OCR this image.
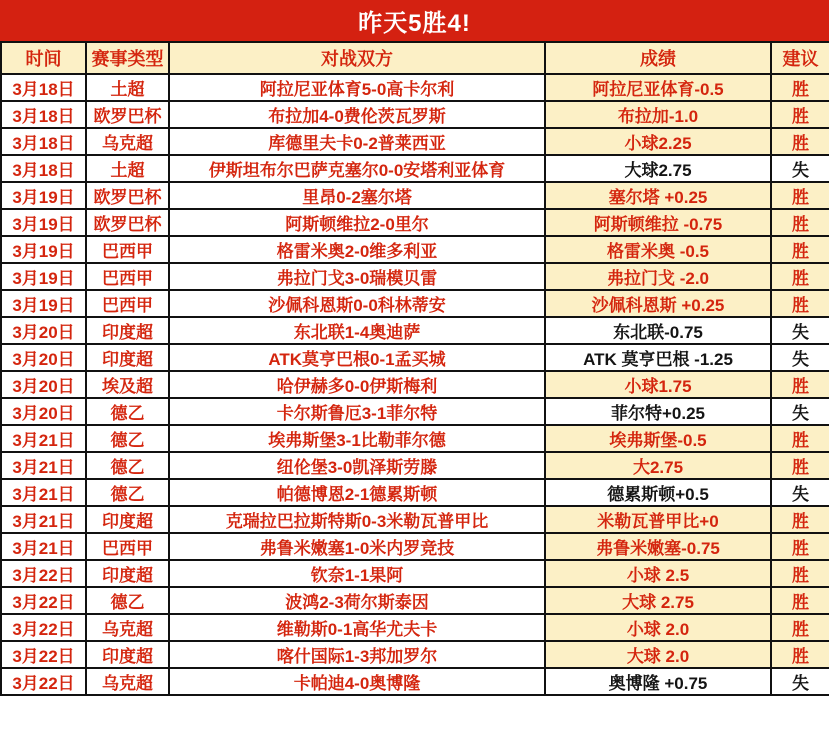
昨天5胜4!
时间	赛事类型	对战双方	成绩	建议
3月18日	土超	阿拉尼亚体育5-0高卡尔利	阿拉尼亚体育-0.5	胜
3月18日	欧罗巴杯	布拉加4-0费伦茨瓦罗斯	布拉加-1.0	胜
3月18日	乌克超	库德里夫卡0-2普莱西亚	小球2.25	胜
3月18日	土超	伊斯坦布尔巴萨克塞尔0-0安塔利亚体育	大球2.75	失
3月19日	欧罗巴杯	里昂0-2塞尔塔	塞尔塔 +0.25	胜
3月19日	欧罗巴杯	阿斯顿维拉2-0里尔	阿斯顿维拉 -0.75	胜
3月19日	巴西甲	格雷米奥2-0维多利亚	格雷米奥 -0.5	胜
3月19日	巴西甲	弗拉门戈3-0瑞模贝雷	弗拉门戈 -2.0	胜
3月19日	巴西甲	沙佩科恩斯0-0科林蒂安	沙佩科恩斯 +0.25	胜
3月20日	印度超	东北联1-4奥迪萨	东北联-0.75	失
3月20日	印度超	ATK莫亨巴根0-1孟买城	ATK 莫亨巴根 -1.25	失
3月20日	埃及超	哈伊赫多0-0伊斯梅利	小球1.75	胜
3月20日	德乙	卡尔斯鲁厄3-1菲尔特	菲尔特+0.25	失
3月21日	德乙	埃弗斯堡3-1比勒菲尔德	埃弗斯堡-0.5	胜
3月21日	德乙	纽伦堡3-0凯泽斯劳滕	大2.75	胜
3月21日	德乙	帕德博恩2-1德累斯顿	德累斯顿+0.5	失
3月21日	印度超	克瑞拉巴拉斯特斯0-3米勒瓦普甲比	米勒瓦普甲比+0	胜
3月21日	巴西甲	弗鲁米嫩塞1-0米内罗竞技	弗鲁米嫩塞-0.75	胜
3月22日	印度超	钦奈1-1果阿	小球 2.5	胜
3月22日	德乙	波鸿2-3荷尔斯泰因	大球 2.75	胜
3月22日	乌克超	维勒斯0-1高华尤夫卡	小球 2.0	胜
3月22日	印度超	喀什国际1-3邦加罗尔	大球 2.0	胜
3月22日	乌克超	卡帕迪4-0奥博隆	奥博隆 +0.75	失
